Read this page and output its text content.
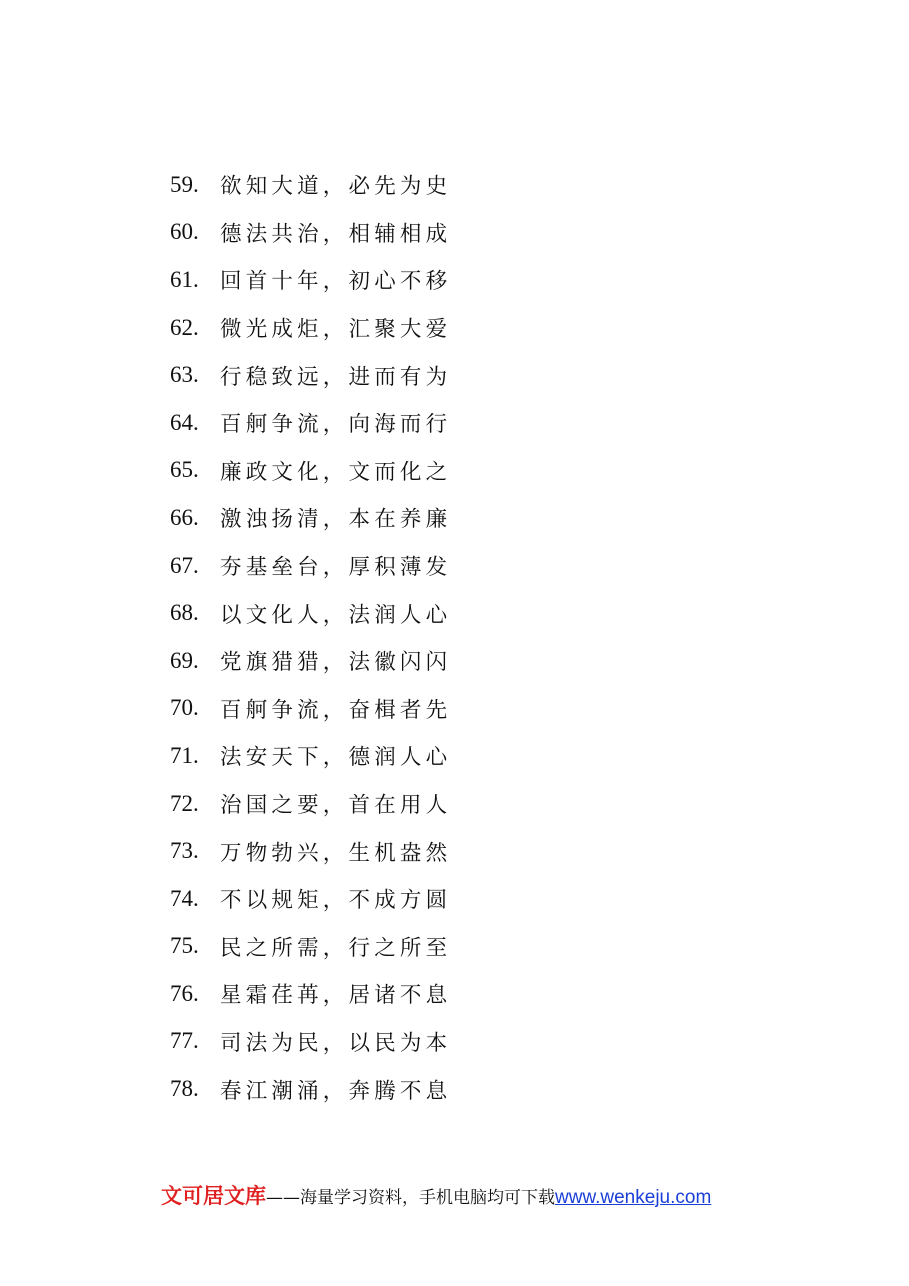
59. 欲知大道，必先为史
60. 德法共治，相辅相成
61. 回首十年，初心不移
62. 微光成炬，汇聚大爱
63. 行稳致远，进而有为
64. 百舸争流，向海而行
65. 廉政文化，文而化之
66. 激浊扬清，本在养廉
67. 夯基垒台，厚积薄发
68. 以文化人，法润人心
69. 党旗猎猎，法徽闪闪
70. 百舸争流，奋楫者先
71. 法安天下，德润人心
72. 治国之要，首在用人
73. 万物勃兴，生机盎然
74. 不以规矩，不成方圆
75. 民之所需，行之所至
76. 星霜荏苒，居诸不息
77. 司法为民，以民为本
78. 春江潮涌，奔腾不息
文可居文库 ——海量学习资料，手机电脑均可下载 www.wenkeju.com
